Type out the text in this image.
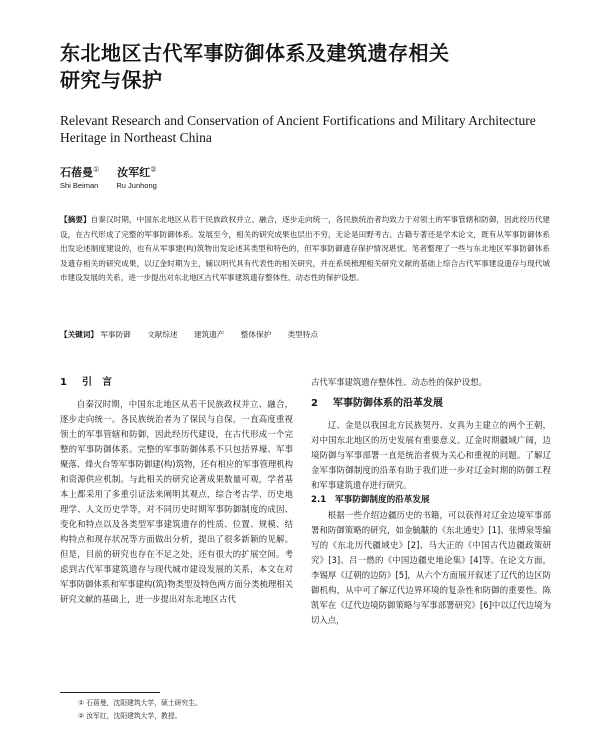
东北地区古代军事防御体系及建筑遗存相关
研究与保护
Relevant Research and Conservation of Ancient Fortifications and Military Architecture
Heritage in Northeast China
石蓓曼① 汝军红②
Shi Beiman Ru Junhong
【摘要】自秦汉时期，中国东北地区从若干民族政权并立、融合，逐步走向统一，各民族统治者均致力于对领土的军事管辖和防御，因此经历代建设，在古代形成了完整的军事防御体系。发展至今，相关的研究成果也层出不穷，无论是田野考古、古籍专著还是学术论文，既有从军事防御体系出发论述制度建设的，也有从军事建(构)筑物出发论述其类型和特色的，但军事防御遗存保护情况堪忧。笔者整理了一些与东北地区军事防御体系及遗存相关的研究成果，以辽金时期为主，辅以明代具有代表性的相关研究，并在系统梳理相关研究文献的基础上综合古代军事建设遗存与现代城市建设发展的关系，进一步提出对东北地区古代军事建筑遗存整体性、动态性的保护设想。
【关键词】 军事防御 文献综述 建筑遗产 整体保护 类型特点
1 引　言

自秦汉时期，中国东北地区从若干民族政权并立、融合，逐步走向统一。各民族统治者为了保民与自保，一直高度重视领土的军事管辖和防御，因此经历代建设，在古代形成一个完整的军事防御体系。完整的军事防御体系不只包括界壕、军事聚落、烽火台等军事防御建(构)筑物，还有相应的军事管理机构和资源供应机制。与此相关的研究论著成果数量可观，学者基本上都采用了多重引证法来阐明其观点，综合考古学、历史地理学、人文历史学等，对不同历史时期军事防御制度的成因、变化和特点以及各类型军事建筑遗存的性质、位置、规模、结构特点和现存状况等方面做出分析，提出了很多新颖的见解。但是，目前的研究也存在不足之处，还有很大的扩展空间。考虑到古代军事建筑遗存与现代城市建设发展的关系，本文在对军事防御体系和军事建构(筑)物类型及特色两方面分类梳理相关研究文献的基础上，进一步提出对东北地区古代

古代军事建筑遗存整体性、动态性的保护设想。

2 军事防御体系的沿革发展

辽、金是以我国北方民族契丹、女真为主建立的两个王朝，对中国东北地区的历史发展有重要意义。辽金时期疆域广阔，边境防御与军事部署一直是统治者极为关心和重视的问题。了解辽金军事防御制度的沿革有助于我们进一步对辽金时期的防御工程和军事建筑遗存进行研究。

2.1 军事防御制度的沿革发展

根据一些介绍边疆历史的书籍，可以获得对辽金边境军事部署和防御策略的研究，如金毓黻的《东北通史》[1]、张博泉等编写的《东北历代疆域史》[2]、马大正的《中国古代边疆政策研究》[3]、吕一燃的《中国边疆史地论集》[4]等。在论文方面，李锡厚《辽朝的边防》[5]，从六个方面展开叙述了辽代的边区防御机构，从中可了解辽代边界环境的复杂性和防御的重要性。陈凯军在《辽代边境防御策略与军事部署研究》[6]中以辽代边境为切入点，

① 石蓓曼，沈阳建筑大学，硕士研究生。
② 汝军红，沈阳建筑大学，教授。
